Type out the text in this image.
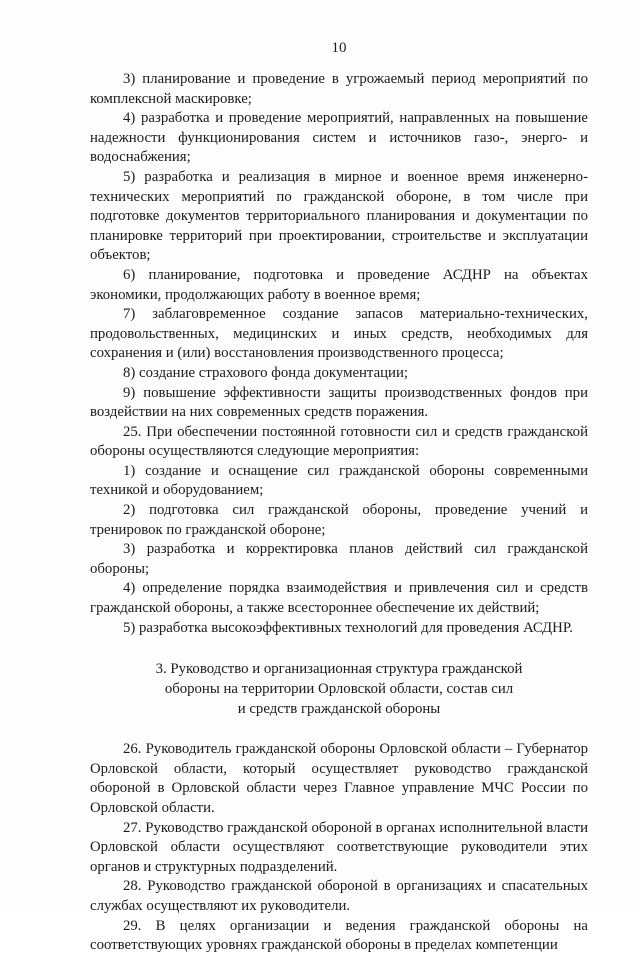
10

3) планирование и проведение в угрожаемый период мероприятий по комплексной маскировке;

4) разработка и проведение мероприятий, направленных на повышение надежности функционирования систем и источников газо-, энерго- и водоснабжения;

5) разработка и реализация в мирное и военное время инженерно-технических мероприятий по гражданской обороне, в том числе при подготовке документов территориального планирования и документации по планировке территорий при проектировании, строительстве и эксплуатации объектов;

6) планирование, подготовка и проведение АСДНР на объектах экономики, продолжающих работу в военное время;

7) заблаговременное создание запасов материально-технических, продовольственных, медицинских и иных средств, необходимых для сохранения и (или) восстановления производственного процесса;

8) создание страхового фонда документации;

9) повышение эффективности защиты производственных фондов при воздействии на них современных средств поражения.

25. При обеспечении постоянной готовности сил и средств гражданской обороны осуществляются следующие мероприятия:

1) создание и оснащение сил гражданской обороны современными техникой и оборудованием;

2) подготовка сил гражданской обороны, проведение учений и тренировок по гражданской обороне;

3) разработка и корректировка планов действий сил гражданской обороны;

4) определение порядка взаимодействия и привлечения сил и средств гражданской обороны, а также всестороннее обеспечение их действий;

5) разработка высокоэффективных технологий для проведения АСДНР.

3. Руководство и организационная структура гражданской
обороны на территории Орловской области, состав сил
и средств гражданской обороны

26. Руководитель гражданской обороны Орловской области – Губернатор Орловской области, который осуществляет руководство гражданской обороной в Орловской области через Главное управление МЧС России по Орловской области.

27. Руководство гражданской обороной в органах исполнительной власти Орловской области осуществляют соответствующие руководители этих органов и структурных подразделений.

28. Руководство гражданской обороной в организациях и спасательных службах осуществляют их руководители.

29. В целях организации и ведения гражданской обороны на соответствующих уровнях гражданской обороны в пределах компетенции
